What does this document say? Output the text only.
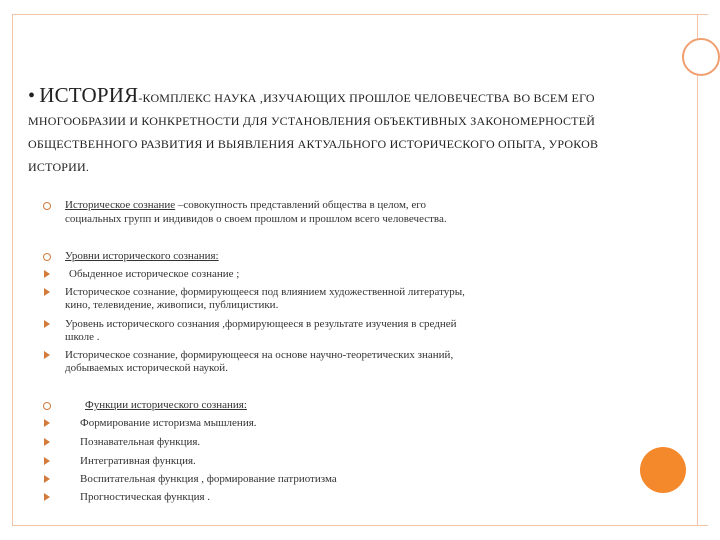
• ИСТОРИЯ-КОМПЛЕКС НАУКА ,ИЗУЧАЮЩИХ ПРОШЛОЕ ЧЕЛОВЕЧЕСТВА ВО ВСЕМ ЕГО МНОГООБРАЗИИ И КОНКРЕТНОСТИ ДЛЯ УСТАНОВЛЕНИЯ ОБЪЕКТИВНЫХ ЗАКОНОМЕРНОСТЕЙ ОБЩЕСТВЕННОГО РАЗВИТИЯ И ВЫЯВЛЕНИЯ АКТУАЛЬНОГО ИСТОРИЧЕСКОГО ОПЫТА, УРОКОВ ИСТОРИИ.
Историческое сознание –совокупность представлений общества в целом, его
социальных групп и индивидов о своем прошлом и прошлом всего человечества.
Уровни исторического сознания:
Обыденное историческое сознание ;
Историческое сознание, формирующееся под влиянием художественной литературы,
кино, телевидение, живописи, публицистики.
Уровень исторического сознания ,формирующееся в результате изучения в средней
школе .
Историческое сознание, формирующееся на основе научно-теоретических знаний,
добываемых исторической наукой.
Функции исторического сознания:
Формирование историзма мышления.
Познавательная функция.
Интегративная функция.
Воспитательная функция , формирование патриотизма
Прогностическая функция .
